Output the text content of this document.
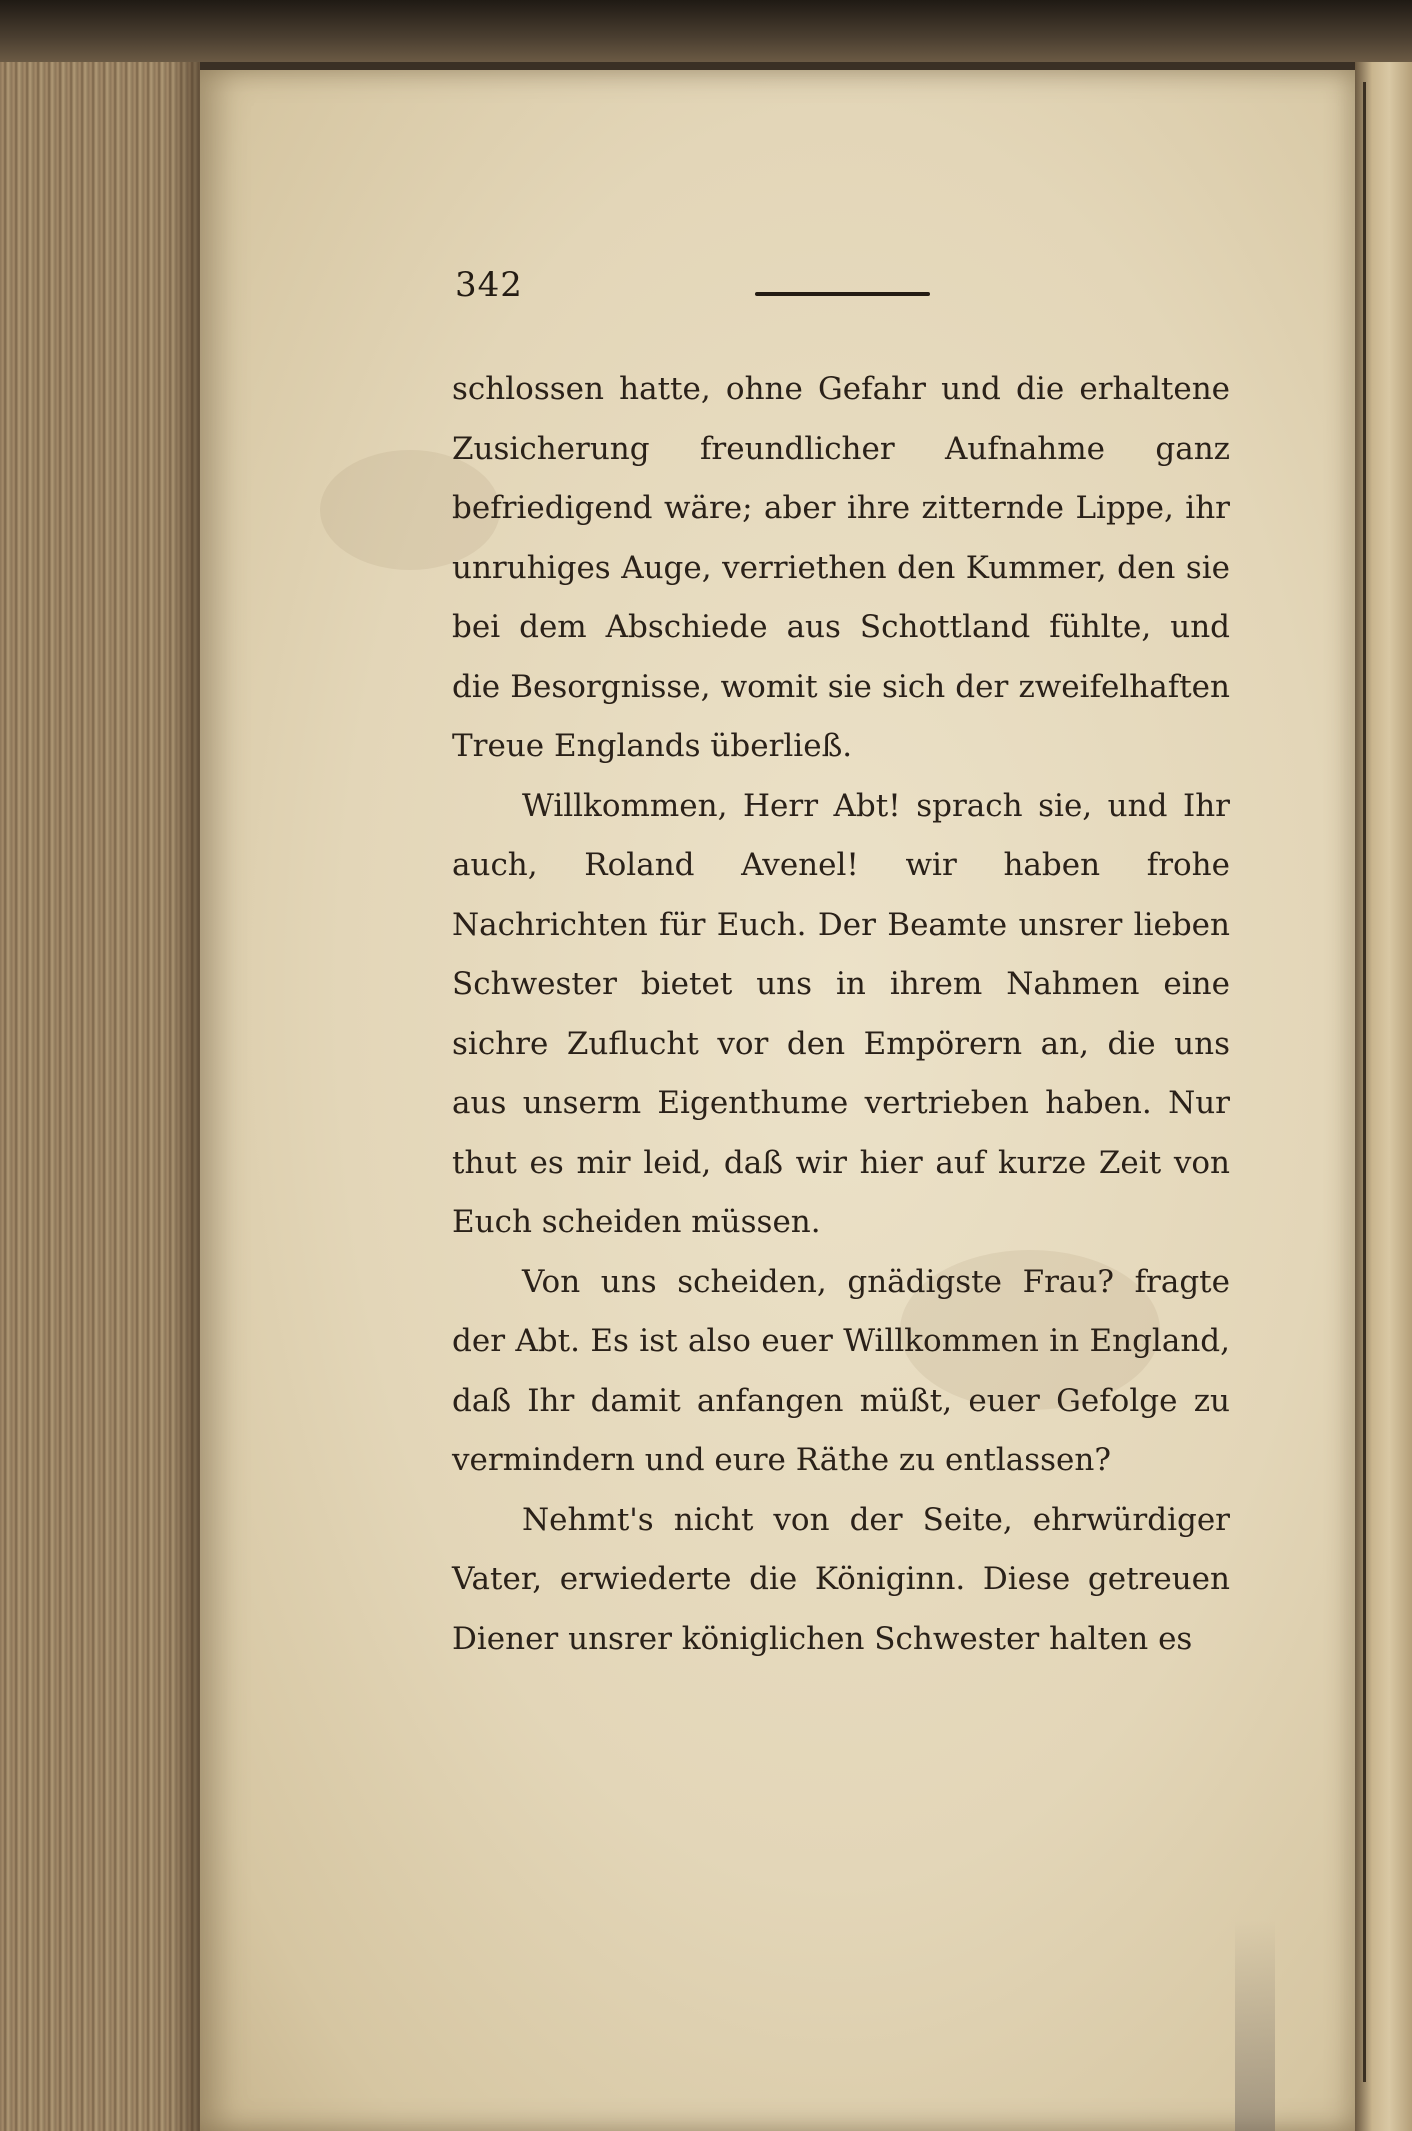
342

schlossen hatte, ohne Gefahr und die erhaltene Zusicherung freundlicher Aufnahme ganz befriedigend wäre; aber ihre zitternde Lippe, ihr unruhiges Auge, verriethen den Kummer, den sie bei dem Abschiede aus Schottland fühlte, und die Besorgnisse, womit sie sich der zweifelhaften Treue Englands überließ.

Willkommen, Herr Abt! sprach sie, und Ihr auch, Roland Avenel! wir haben frohe Nachrichten für Euch. Der Beamte unsrer lieben Schwester bietet uns in ihrem Nahmen eine sichre Zuflucht vor den Empörern an, die uns aus unserm Eigenthume vertrieben haben. Nur thut es mir leid, daß wir hier auf kurze Zeit von Euch scheiden müssen.

Von uns scheiden, gnädigste Frau? fragte der Abt. Es ist also euer Willkommen in England, daß Ihr damit anfangen müßt, euer Gefolge zu vermindern und eure Räthe zu entlassen?

Nehmt's nicht von der Seite, ehrwürdiger Vater, erwiederte die Königinn. Diese getreuen Diener unsrer königlichen Schwester halten es
